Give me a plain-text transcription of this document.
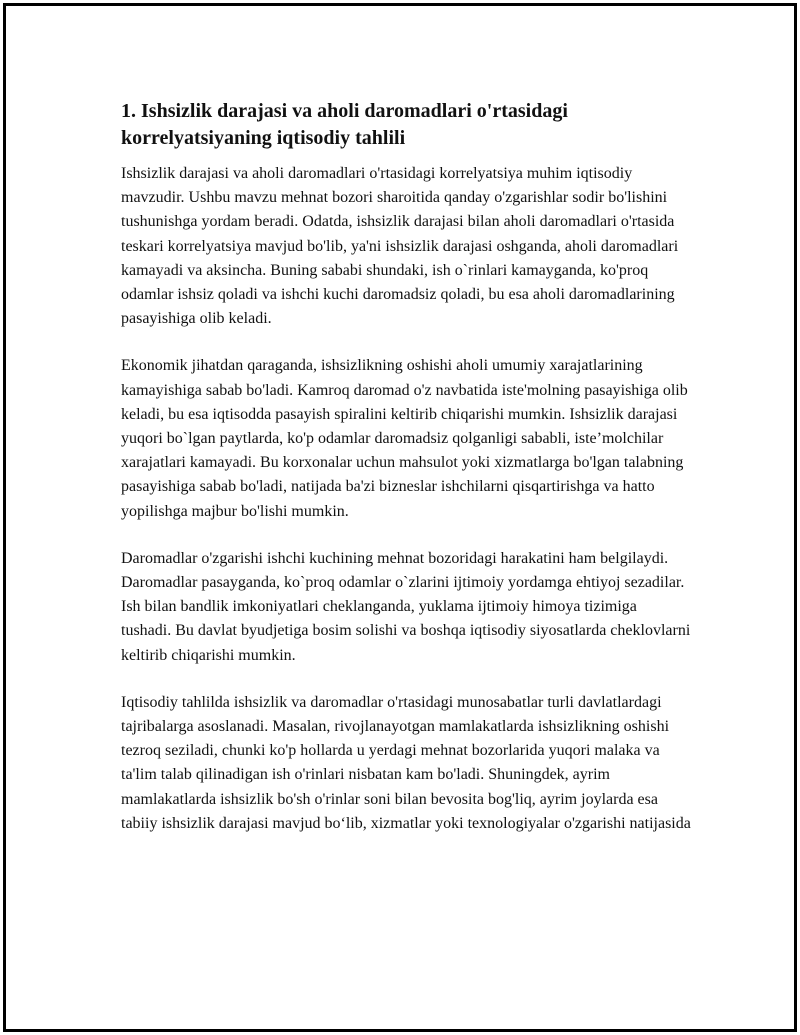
1. Ishsizlik darajasi va aholi daromadlari o'rtasidagi korrelyatsiyaning iqtisodiy tahlili

Ishsizlik darajasi va aholi daromadlari o'rtasidagi korrelyatsiya muhim iqtisodiy mavzudir. Ushbu mavzu mehnat bozori sharoitida qanday o'zgarishlar sodir bo'lishini tushunishga yordam beradi. Odatda, ishsizlik darajasi bilan aholi daromadlari o'rtasida teskari korrelyatsiya mavjud bo'lib, ya'ni ishsizlik darajasi oshganda, aholi daromadlari kamayadi va aksincha. Buning sababi shundaki, ish o`rinlari kamayganda, ko'proq odamlar ishsiz qoladi va ishchi kuchi daromadsiz qoladi, bu esa aholi daromadlarining pasayishiga olib keladi.

Ekonomik jihatdan qaraganda, ishsizlikning oshishi aholi umumiy xarajatlarining kamayishiga sabab bo'ladi. Kamroq daromad o'z navbatida iste'molning pasayishiga olib keladi, bu esa iqtisodda pasayish spiralini keltirib chiqarishi mumkin. Ishsizlik darajasi yuqori bo`lgan paytlarda, ko'p odamlar daromadsiz qolganligi sababli, iste’molchilar xarajatlari kamayadi. Bu korxonalar uchun mahsulot yoki xizmatlarga bo'lgan talabning pasayishiga sabab bo'ladi, natijada ba'zi bizneslar ishchilarni qisqartirishga va hatto yopilishga majbur bo'lishi mumkin.

Daromadlar o'zgarishi ishchi kuchining mehnat bozoridagi harakatini ham belgilaydi. Daromadlar pasayganda, ko`proq odamlar o`zlarini ijtimoiy yordamga ehtiyoj sezadilar. Ish bilan bandlik imkoniyatlari cheklanganda, yuklama ijtimoiy himoya tizimiga tushadi. Bu davlat byudjetiga bosim solishi va boshqa iqtisodiy siyosatlarda cheklovlarni keltirib chiqarishi mumkin.

Iqtisodiy tahlilda ishsizlik va daromadlar o'rtasidagi munosabatlar turli davlatlardagi tajribalarga asoslanadi. Masalan, rivojlanayotgan mamlakatlarda ishsizlikning oshishi tezroq seziladi, chunki ko'p hollarda u yerdagi mehnat bozorlarida yuqori malaka va ta'lim talab qilinadigan ish o'rinlari nisbatan kam bo'ladi. Shuningdek, ayrim mamlakatlarda ishsizlik bo'sh o'rinlar soni bilan bevosita bog'liq, ayrim joylarda esa tabiiy ishsizlik darajasi mavjud bo‘lib, xizmatlar yoki texnologiyalar o'zgarishi natijasida
